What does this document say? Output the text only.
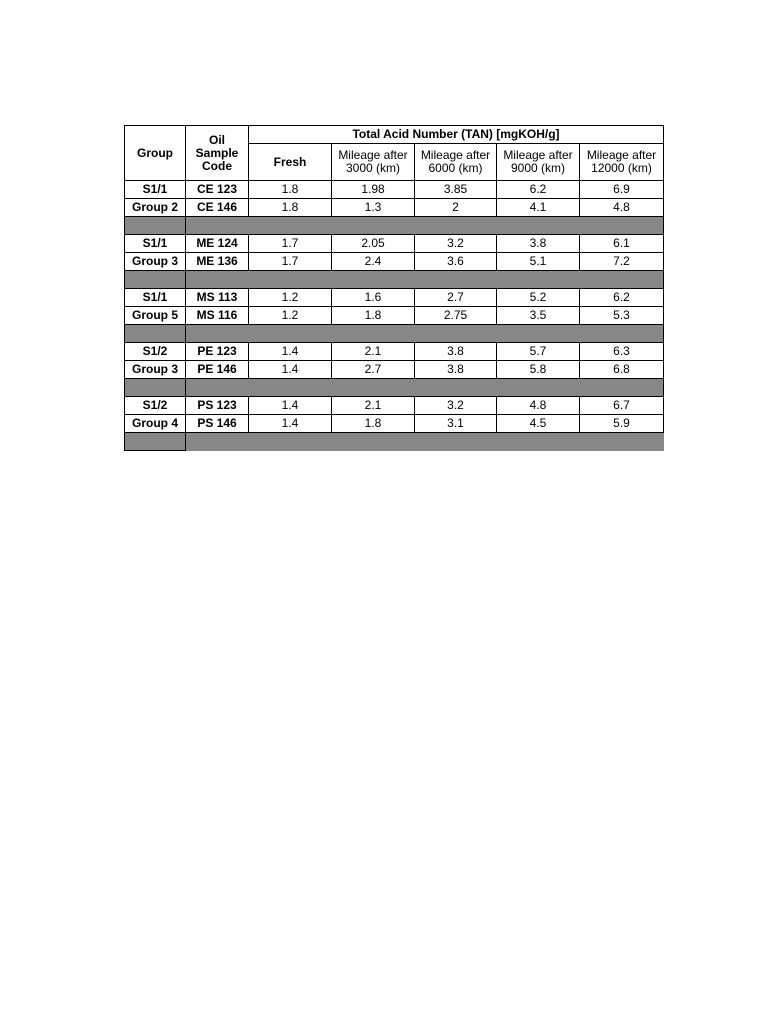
Group	Oil Sample Code	Total Acid Number (TAN) [mgKOH/g]				
		Fresh	Mileage after 3000 (km)	Mileage after 6000 (km)	Mileage after 9000 (km)	Mileage after 12000 (km)
S1/1	CE 123	1.8	1.98	3.85	6.2	6.9
Group 2	CE 146	1.8	1.3	2	4.1	4.8

S1/1	ME 124	1.7	2.05	3.2	3.8	6.1
Group 3	ME 136	1.7	2.4	3.6	5.1	7.2

S1/1	MS 113	1.2	1.6	2.7	5.2	6.2
Group 5	MS 116	1.2	1.8	2.75	3.5	5.3

S1/2	PE 123	1.4	2.1	3.8	5.7	6.3
Group 3	PE 146	1.4	2.7	3.8	5.8	6.8

S1/2	PS 123	1.4	2.1	3.2	4.8	6.7
Group 4	PS 146	1.4	1.8	3.1	4.5	5.9
